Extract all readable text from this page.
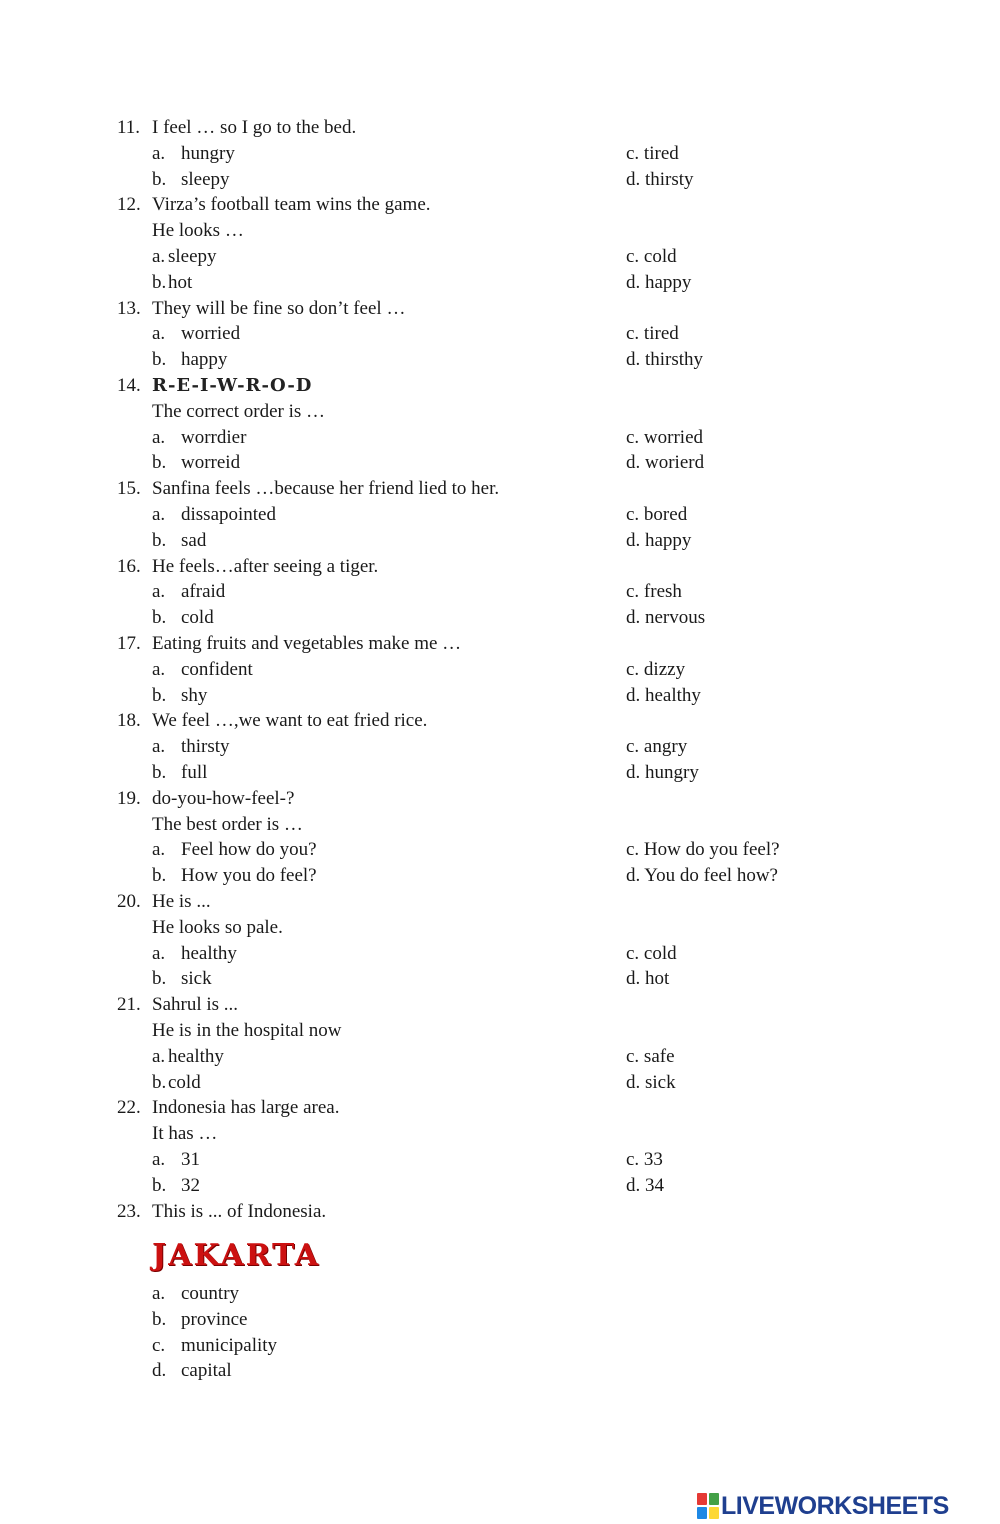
11. I feel … so I go to the bed.
a. hungry	c. tired
b. sleepy	d. thirsty
12. Virza’s football team wins the game.
He looks …
a. sleepy	c. cold
b. hot	d. happy
13. They will be fine so don’t feel …
a. worried	c. tired
b. happy	d. thirsthy
14. R-E-I-W-R-O-D
The correct order is …
a. worrdier	c. worried
b. worreid	d. worierd
15. Sanfina feels …because her friend lied to her.
a. dissapointed	c. bored
b. sad	d. happy
16. He feels…after seeing a tiger.
a. afraid	c. fresh
b. cold	d. nervous
17. Eating fruits and vegetables make me …
a. confident	c. dizzy
b. shy	d. healthy
18. We feel …,we want to eat fried rice.
a. thirsty	c. angry
b. full	d. hungry
19. do-you-how-feel-?
The best order is …
a. Feel how do you?	c. How do you feel?
b. How you do feel?	d. You do feel how?
20. He is ...
He looks so pale.
a. healthy	c. cold
b. sick	d. hot
21. Sahrul is ...
He is in the hospital now
a. healthy	c. safe
b. cold	d. sick
22. Indonesia has large area.
It has …
a. 31	c. 33
b. 32	d. 34
23. This is ... of Indonesia.
JAKARTA
a. country
b. province
c. municipality
d. capital
LIVEWORKSHEETS
